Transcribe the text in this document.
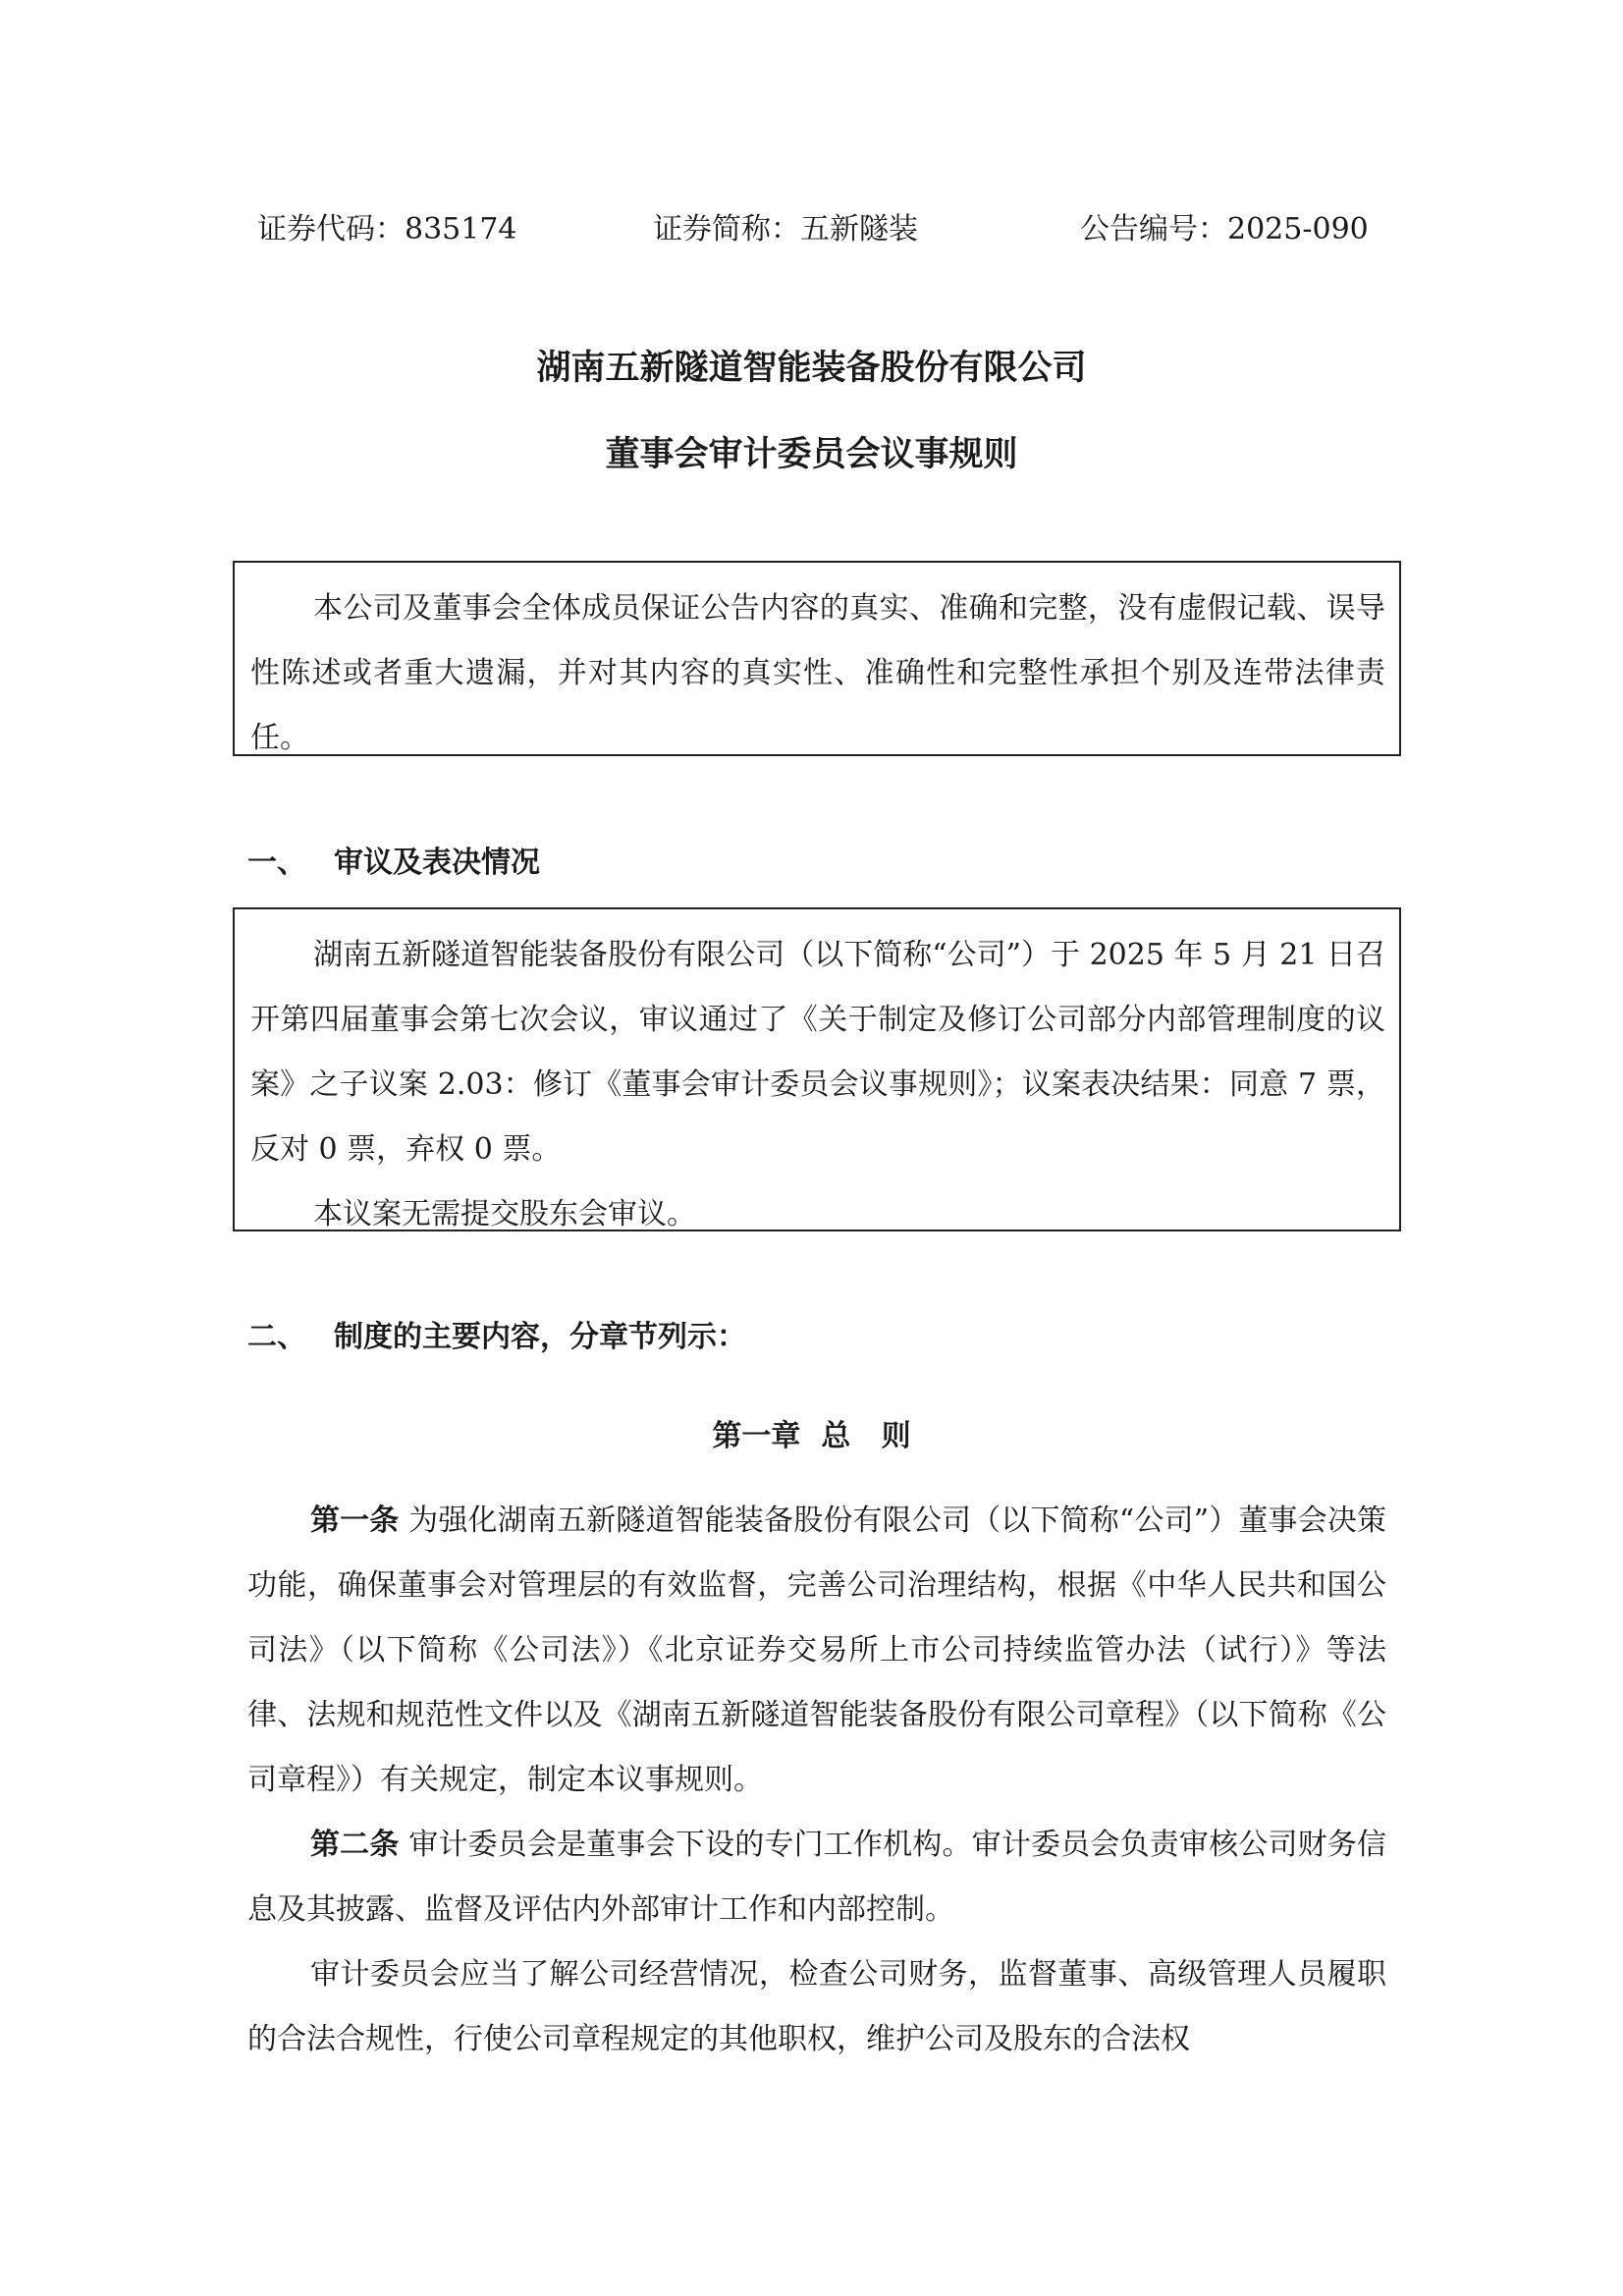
证券代码：835174	证券简称：五新隧装	公告编号：2025-090
湖南五新隧道智能装备股份有限公司
董事会审计委员会议事规则

本公司及董事会全体成员保证公告内容的真实、准确和完整，没有虚假记载、误导性陈述或者重大遗漏，并对其内容的真实性、准确性和完整性承担个别及连带法律责任。

一、 审议及表决情况

湖南五新隧道智能装备股份有限公司（以下简称“公司”）于 2025 年 5 月 21 日召开第四届董事会第七次会议，审议通过了《关于制定及修订公司部分内部管理制度的议案》之子议案 2.03：修订《董事会审计委员会议事规则》；议案表决结果：同意 7 票，反对 0 票，弃权 0 票。

本议案无需提交股东会审议。

二、 制度的主要内容，分章节列示：
第一章  总   则

第一条 为强化湖南五新隧道智能装备股份有限公司（以下简称“公司”）董事会决策功能，确保董事会对管理层的有效监督，完善公司治理结构，根据《中华人民共和国公司法》（以下简称《公司法》）《北京证券交易所上市公司持续监管办法（试行）》等法律、法规和规范性文件以及《湖南五新隧道智能装备股份有限公司章程》（以下简称《公司章程》）有关规定，制定本议事规则。

第二条 审计委员会是董事会下设的专门工作机构。审计委员会负责审核公司财务信息及其披露、监督及评估内外部审计工作和内部控制。

审计委员会应当了解公司经营情况，检查公司财务，监督董事、高级管理人员履职的合法合规性，行使公司章程规定的其他职权，维护公司及股东的合法权
